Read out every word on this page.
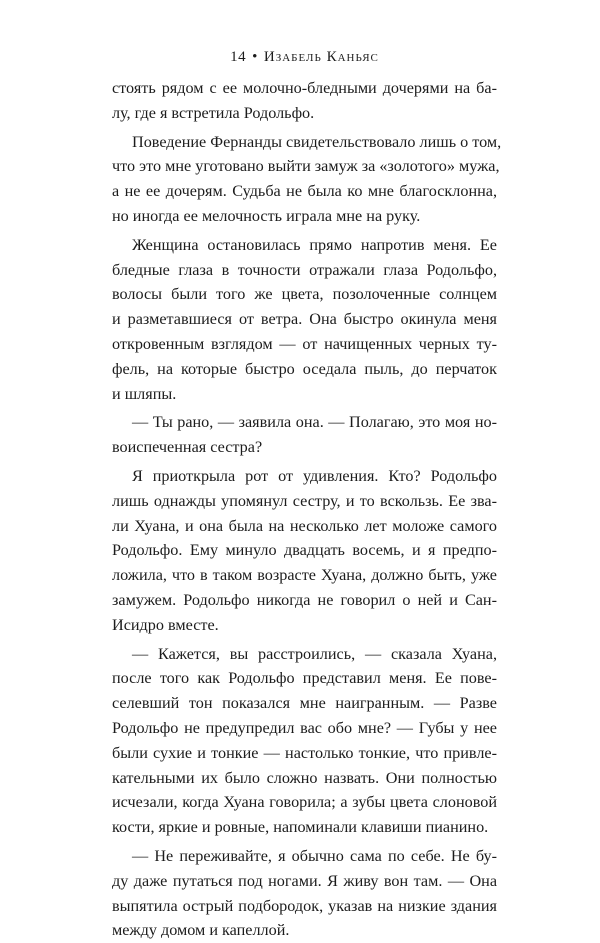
14 • Изабель Каньяс
стоять рядом с ее молочно-бледными дочерями на ба-
лу, где я встретила Родольфо.
Поведение Фернанды свидетельствовало лишь о том,
что это мне уготовано выйти замуж за «золотого» мужа,
а не ее дочерям. Судьба не была ко мне благосклонна,
но иногда ее мелочность играла мне на руку.
Женщина остановилась прямо напротив меня. Ее
бледные глаза в точности отражали глаза Родольфо,
волосы были того же цвета, позолоченные солнцем
и разметавшиеся от ветра. Она быстро окинула меня
откровенным взглядом — от начищенных черных ту-
фель, на которые быстро оседала пыль, до перчаток
и шляпы.
— Ты рано, — заявила она. — Полагаю, это моя но-
воиспеченная сестра?
Я приоткрыла рот от удивления. Кто? Родольфо
лишь однажды упомянул сестру, и то вскользь. Ее зва-
ли Хуана, и она была на несколько лет моложе самого
Родольфо. Ему минуло двадцать восемь, и я предпо-
ложила, что в таком возрасте Хуана, должно быть, уже
замужем. Родольфо никогда не говорил о ней и Сан-
Исидро вместе.
— Кажется, вы расстроились, — сказала Хуана,
после того как Родольфо представил меня. Ее пове-
селевший тон показался мне наигранным. — Разве
Родольфо не предупредил вас обо мне? — Губы у нее
были сухие и тонкие — настолько тонкие, что привле-
кательными их было сложно назвать. Они полностью
исчезали, когда Хуана говорила; а зубы цвета слоновой
кости, яркие и ровные, напоминали клавиши пианино.
— Не переживайте, я обычно сама по себе. Не бу-
ду даже путаться под ногами. Я живу вон там. — Она
выпятила острый подбородок, указав на низкие здания
между домом и капеллой.
